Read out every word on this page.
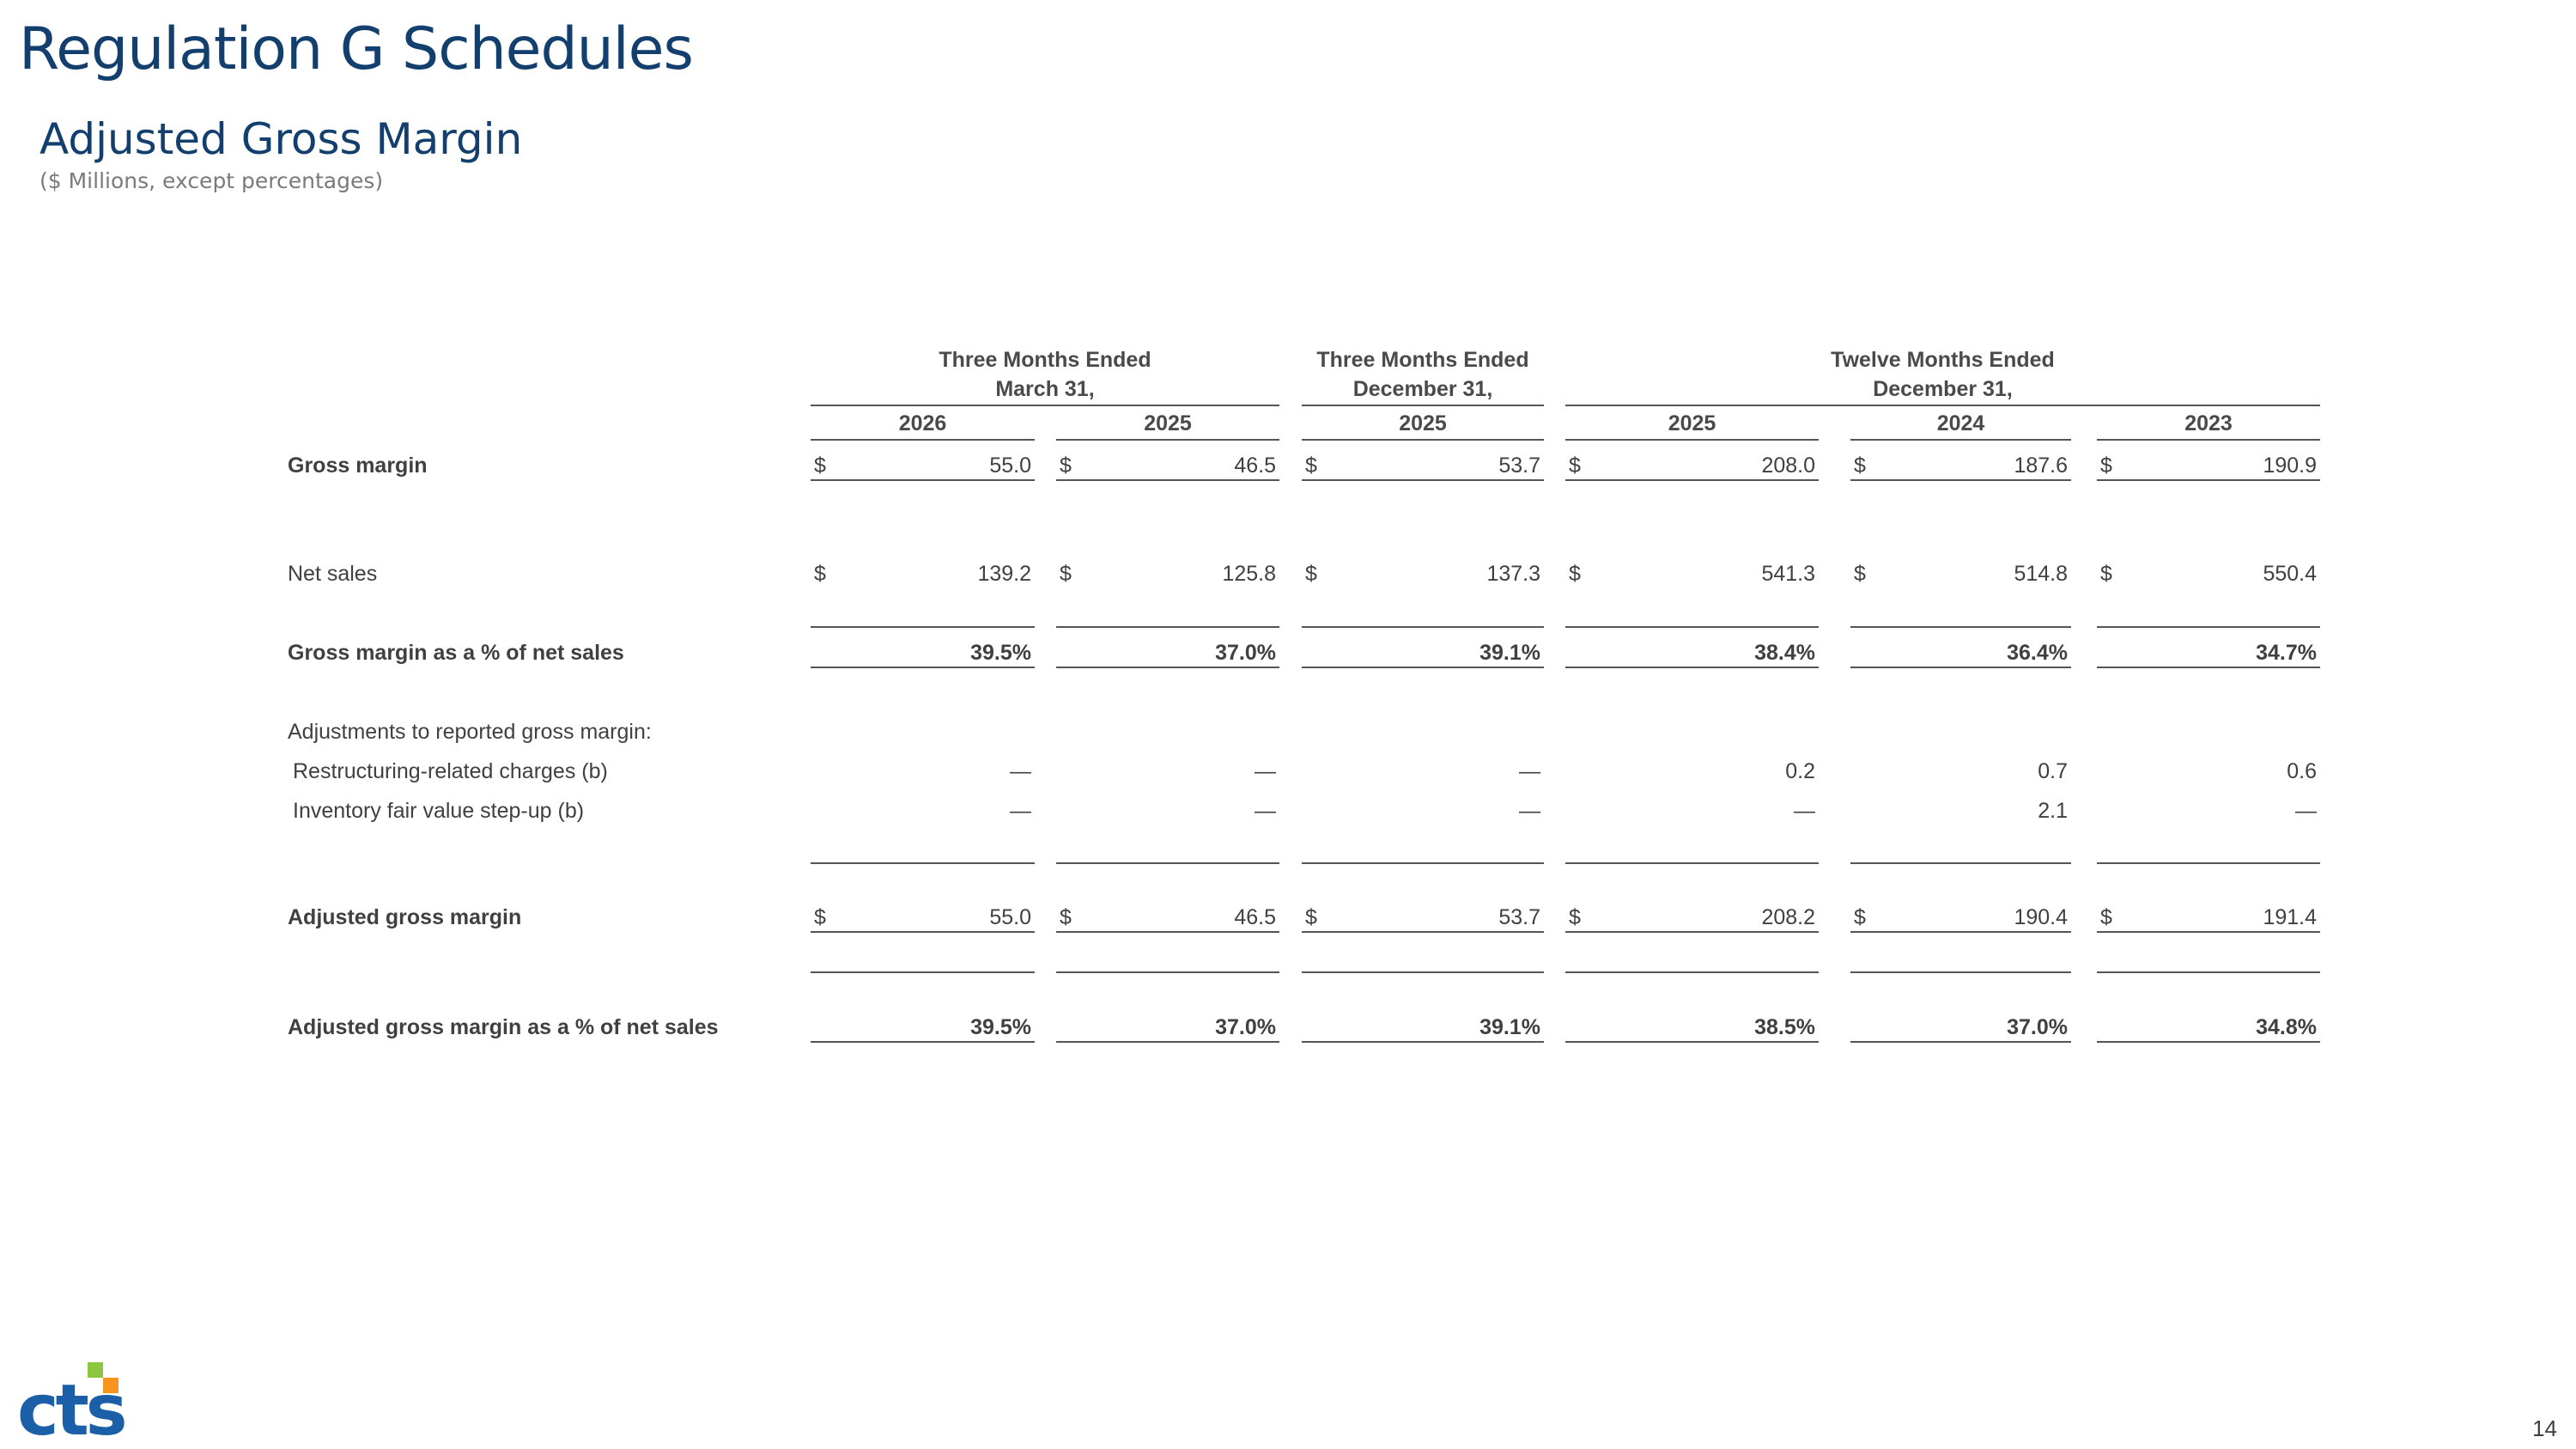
Regulation G Schedules
Adjusted Gross Margin
($ Millions, except percentages)
Three Months Ended
March 31,
Three Months Ended
December 31,
Twelve Months Ended
December 31,
2026	2025	2025	2025	2024	2023
Gross margin	$	55.0 $	46.5 $	53.7 $	208.0 $	187.6 $	190.9
Net sales	$	139.2 $	125.8 $	137.3 $	541.3 $	514.8 $	550.4
Gross margin as a % of net sales	39.5%	37.0%	39.1%	38.4%	36.4%	34.7%
Adjustments to reported gross margin:
Restructuring-related charges (b)	—	—	—	0.2	0.7	0.6
Inventory fair value step-up (b)	—	—	—	—	2.1	—
Adjusted gross margin	$	55.0 $	46.5 $	53.7 $	208.2 $	190.4 $	191.4
Adjusted gross margin as a % of net sales	39.5%	37.0%	39.1%	38.5%	37.0%	34.8%
cts	14
